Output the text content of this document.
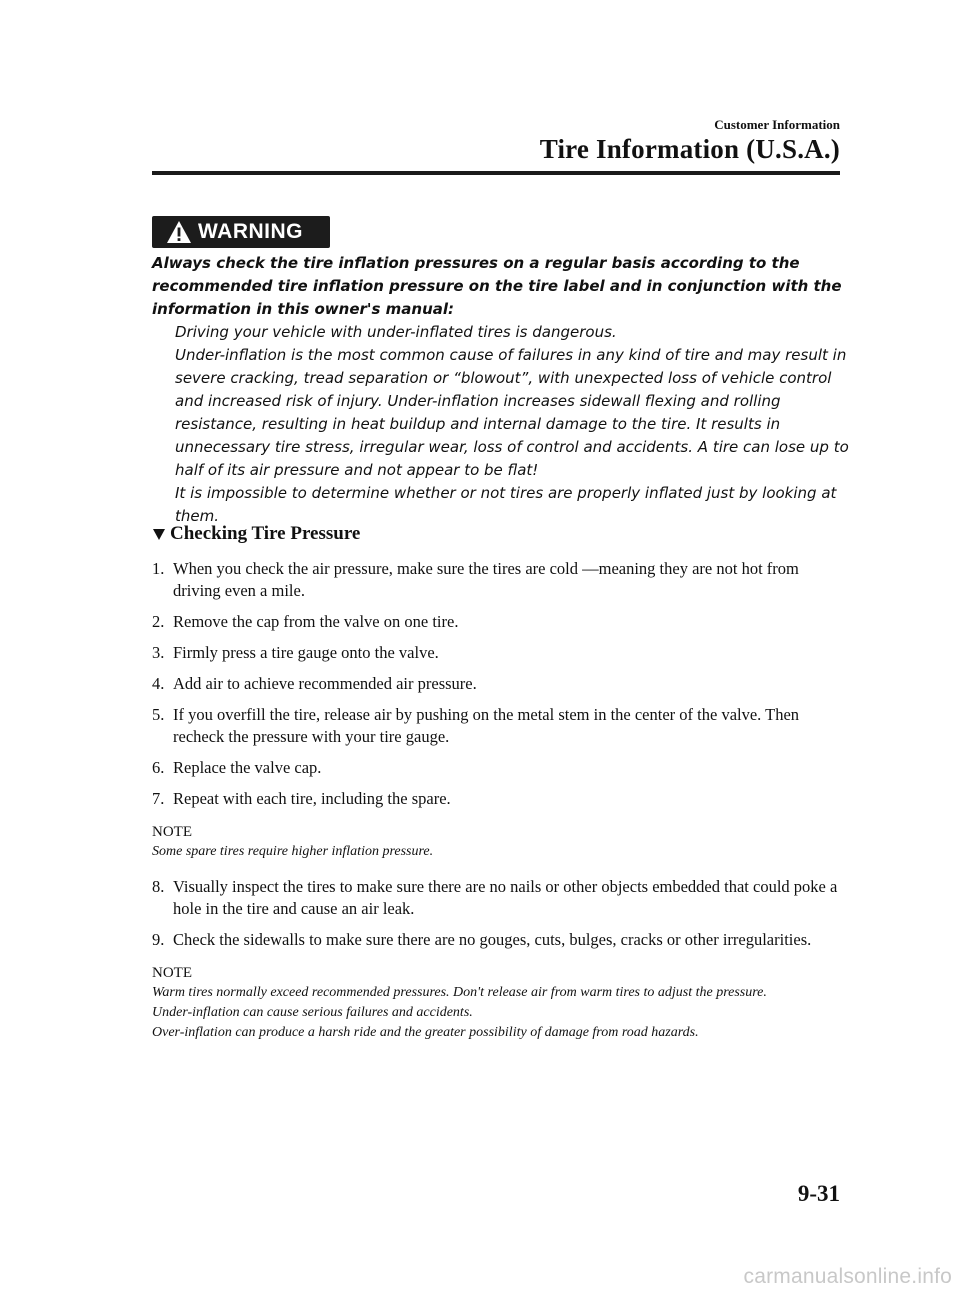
Customer Information
Tire Information (U.S.A.)
WARNING

Always check the tire inflation pressures on a regular basis according to the recommended tire inflation pressure on the tire label and in conjunction with the information in this owner's manual:

Driving your vehicle with under-inflated tires is dangerous.

Under-inflation is the most common cause of failures in any kind of tire and may result in severe cracking, tread separation or “blowout”, with unexpected loss of vehicle control and increased risk of injury. Under-inflation increases sidewall flexing and rolling resistance, resulting in heat buildup and internal damage to the tire. It results in unnecessary tire stress, irregular wear, loss of control and accidents. A tire can lose up to half of its air pressure and not appear to be flat!

It is impossible to determine whether or not tires are properly inflated just by looking at them.

Checking Tire Pressure
1. When you check the air pressure, make sure the tires are cold —meaning they are not hot from driving even a mile.
2. Remove the cap from the valve on one tire.
3. Firmly press a tire gauge onto the valve.
4. Add air to achieve recommended air pressure.
5. If you overfill the tire, release air by pushing on the metal stem in the center of the valve. Then recheck the pressure with your tire gauge.
6. Replace the valve cap.
7. Repeat with each tire, including the spare.

NOTE

Some spare tires require higher inflation pressure.

8. Visually inspect the tires to make sure there are no nails or other objects embedded that could poke a hole in the tire and cause an air leak.
9. Check the sidewalls to make sure there are no gouges, cuts, bulges, cracks or other irregularities.

NOTE

Warm tires normally exceed recommended pressures. Don't release air from warm tires to adjust the pressure.

Under-inflation can cause serious failures and accidents.

Over-inflation can produce a harsh ride and the greater possibility of damage from road hazards.

9-31
carmanualsonline.info
